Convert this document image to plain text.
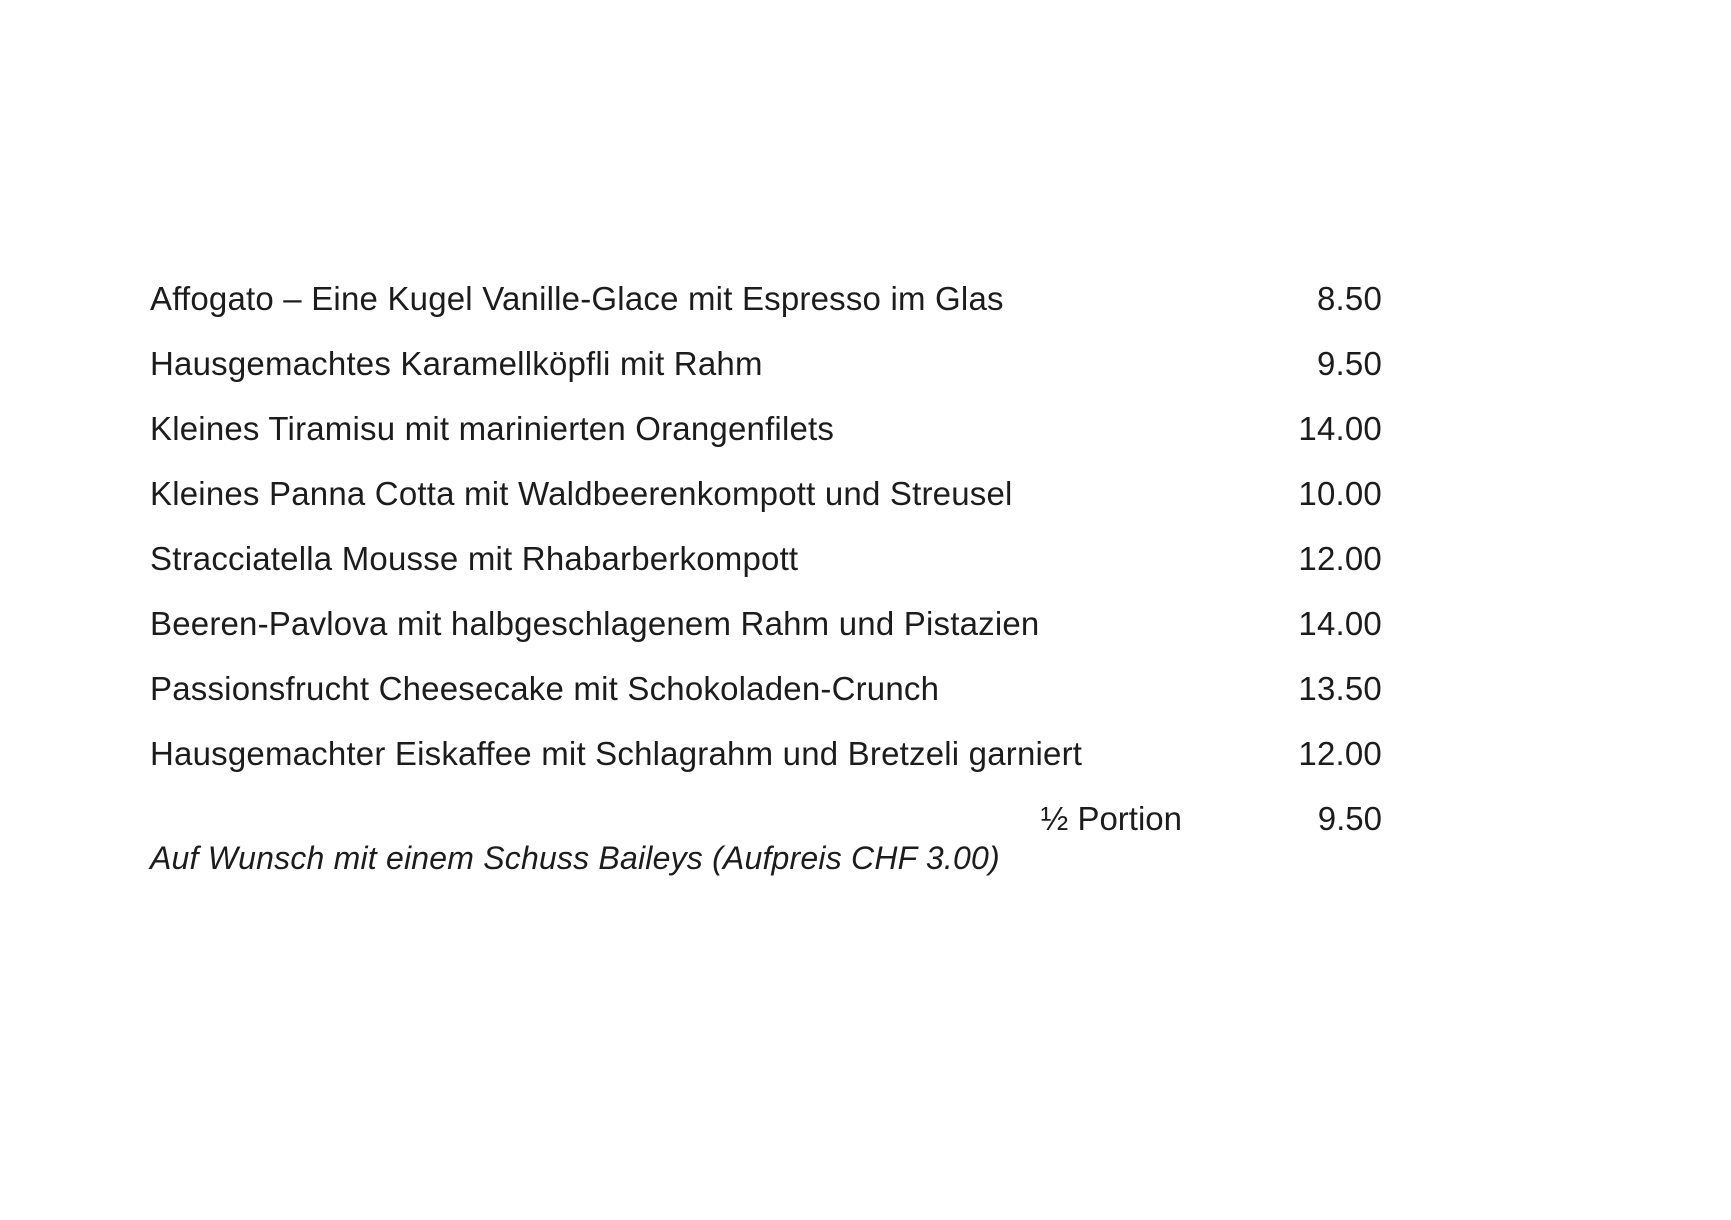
Affogato – Eine Kugel Vanille-Glace mit Espresso im Glas	8.50
Hausgemachtes Karamellköpfli mit Rahm	9.50
Kleines Tiramisu mit marinierten Orangenfilets	14.00
Kleines Panna Cotta mit Waldbeerenkompott und Streusel	10.00
Stracciatella Mousse mit Rhabarberkompott	12.00
Beeren-Pavlova mit halbgeschlagenem Rahm und Pistazien	14.00
Passionsfrucht Cheesecake mit Schokoladen-Crunch	13.50
Hausgemachter Eiskaffee mit Schlagrahm und Bretzeli garniert	12.00
½ Portion	9.50
Auf Wunsch mit einem Schuss Baileys (Aufpreis CHF 3.00)
